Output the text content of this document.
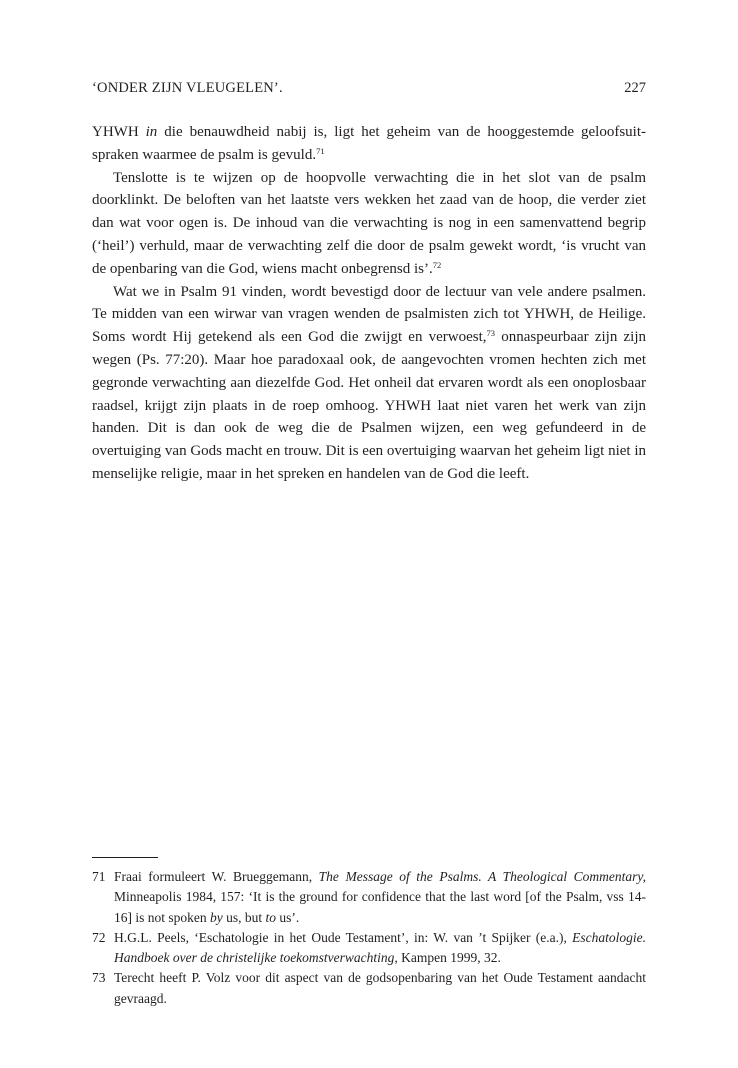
‘ONDER ZIJN VLEUGELEN’.	227

YHWH in die benauwdheid nabij is, ligt het geheim van de hooggestemde geloofsuit-spraken waarmee de psalm is gevuld.$^{71}$

Tenslotte is te wijzen op de hoopvolle verwachting die in het slot van de psalm doorklinkt. De beloften van het laatste vers wekken het zaad van de hoop, die verder ziet dan wat voor ogen is. De inhoud van die verwachting is nog in een samenvattend begrip (‘heil’) verhuld, maar de verwachting zelf die door de psalm gewekt wordt, ‘is vrucht van de openbaring van die God, wiens macht onbegrensd is’.$^{72}$

Wat we in Psalm 91 vinden, wordt bevestigd door de lectuur van vele andere psalmen. Te midden van een wirwar van vragen wenden de psalmisten zich tot YHWH, de Heilige. Soms wordt Hij getekend als een God die zwijgt en verwoest,$^{73}$ onnaspeurbaar zijn zijn wegen (Ps. 77:20). Maar hoe paradoxaal ook, de aangevochten vromen hechten zich met gegronde verwachting aan diezelfde God. Het onheil dat ervaren wordt als een onoplosbaar raadsel, krijgt zijn plaats in de roep omhoog. YHWH laat niet varen het werk van zijn handen. Dit is dan ook de weg die de Psalmen wijzen, een weg gefundeerd in de overtuiging van Gods macht en trouw. Dit is een overtuiging waarvan het geheim ligt niet in menselijke religie, maar in het spreken en handelen van de God die leeft.

71 Fraai formuleert W. Brueggemann, The Message of the Psalms. A Theological Commentary, Minneapolis 1984, 157: ‘It is the ground for confidence that the last word [of the Psalm, vss 14-16] is not spoken by us, but to us’.
72 H.G.L. Peels, ‘Eschatologie in het Oude Testament’, in: W. van ’t Spijker (e.a.), Eschatologie. Handboek over de christelijke toekomstverwachting, Kampen 1999, 32.
73 Terecht heeft P. Volz voor dit aspect van de godsopenbaring van het Oude Testament aandacht gevraagd.
